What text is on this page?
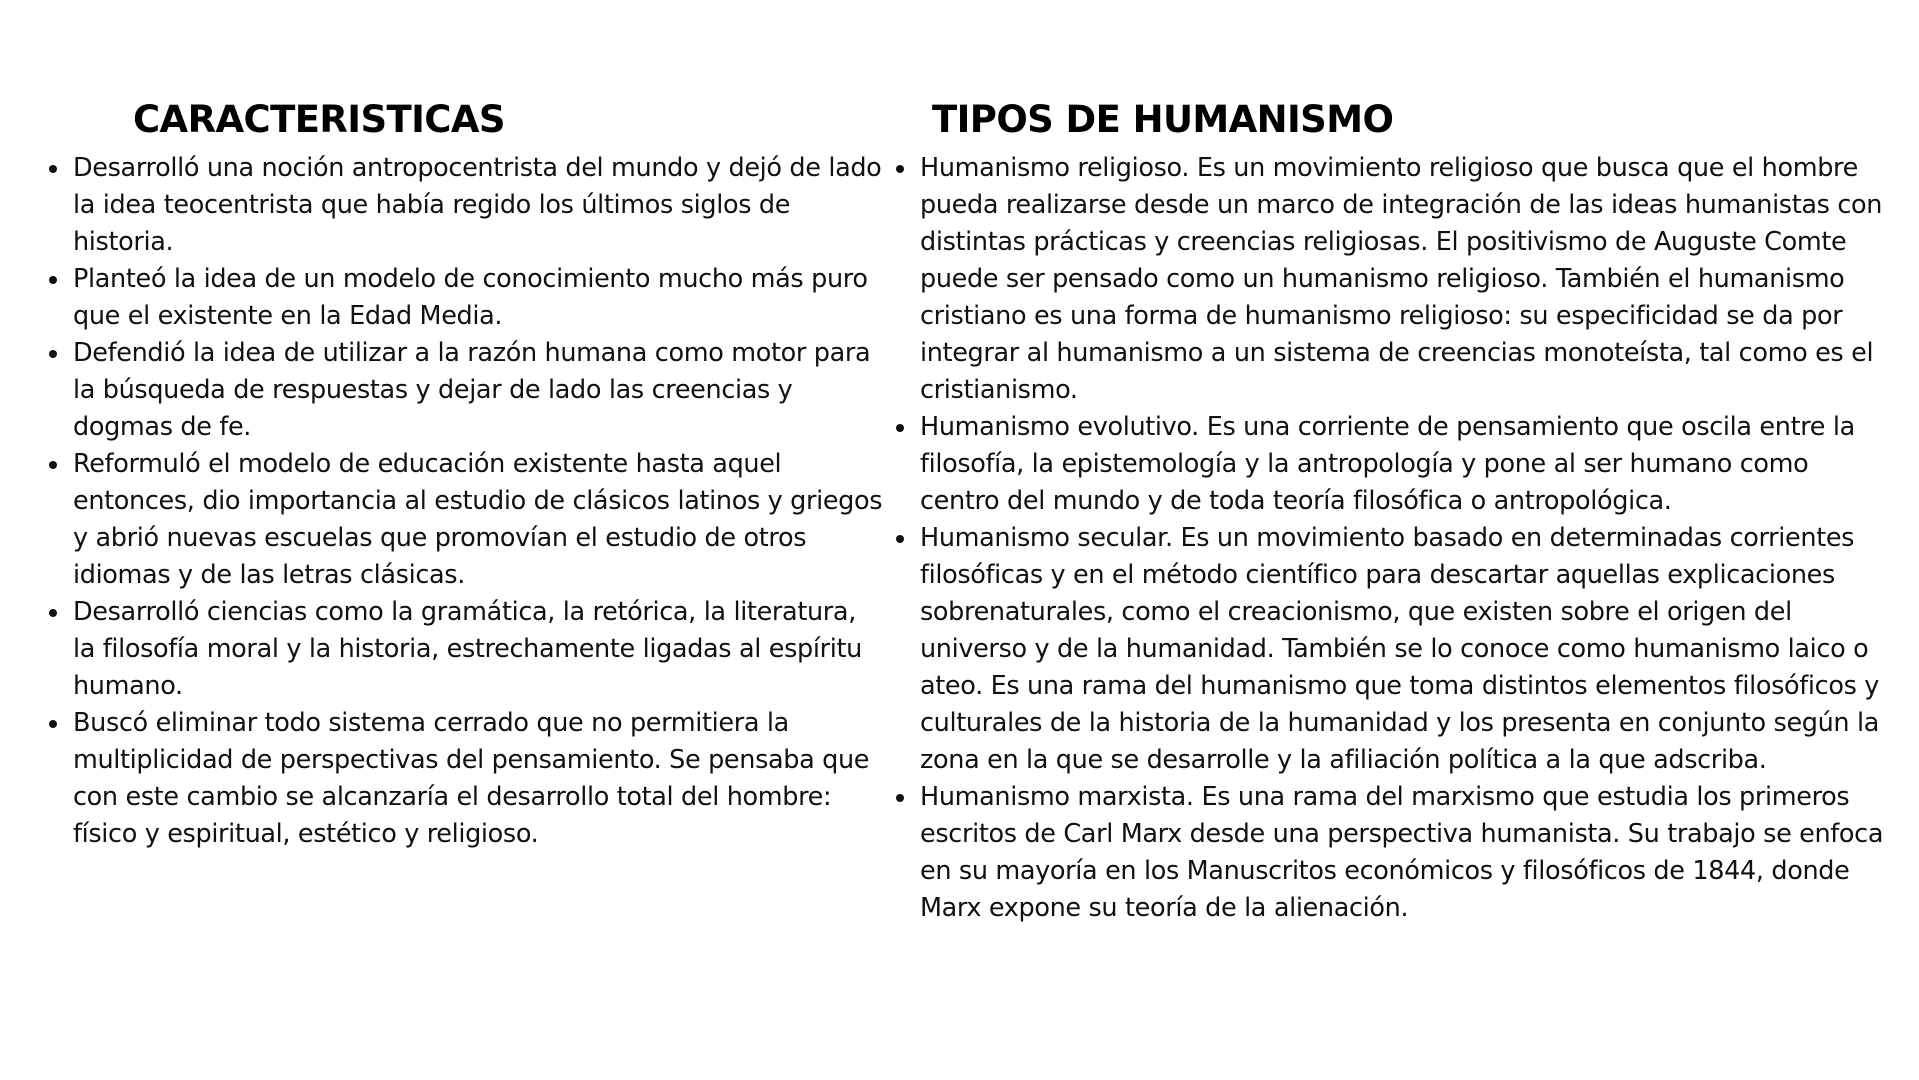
CARACTERISTICAS
Desarrolló una noción antropocentrista del mundo y dejó de lado la idea teocentrista que había regido los últimos siglos de historia.
Planteó la idea de un modelo de conocimiento mucho más puro que el existente en la Edad Media.
Defendió la idea de utilizar a la razón humana como motor para la búsqueda de respuestas y dejar de lado las creencias y dogmas de fe.
Reformuló el modelo de educación existente hasta aquel entonces, dio importancia al estudio de clásicos latinos y griegos y abrió nuevas escuelas que promovían el estudio de otros idiomas y de las letras clásicas.
Desarrolló ciencias como la gramática, la retórica, la literatura, la filosofía moral y la historia, estrechamente ligadas al espíritu humano.
Buscó eliminar todo sistema cerrado que no permitiera la multiplicidad de perspectivas del pensamiento. Se pensaba que con este cambio se alcanzaría el desarrollo total del hombre: físico y espiritual, estético y religioso.
TIPOS DE HUMANISMO
Humanismo religioso. Es un movimiento religioso que busca que el hombre pueda realizarse desde un marco de integración de las ideas humanistas con distintas prácticas y creencias religiosas. El positivismo de Auguste Comte puede ser pensado como un humanismo religioso. También el humanismo cristiano es una forma de humanismo religioso: su especificidad se da por integrar al humanismo a un sistema de creencias monoteísta, tal como es el cristianismo.
Humanismo evolutivo. Es una corriente de pensamiento que oscila entre la filosofía, la epistemología y la antropología y pone al ser humano como centro del mundo y de toda teoría filosófica o antropológica.
Humanismo secular. Es un movimiento basado en determinadas corrientes filosóficas y en el método científico para descartar aquellas explicaciones sobrenaturales, como el creacionismo, que existen sobre el origen del universo y de la humanidad. También se lo conoce como humanismo laico o ateo. Es una rama del humanismo que toma distintos elementos filosóficos y culturales de la historia de la humanidad y los presenta en conjunto según la zona en la que se desarrolle y la afiliación política a la que adscriba.
Humanismo marxista. Es una rama del marxismo que estudia los primeros escritos de Carl Marx desde una perspectiva humanista. Su trabajo se enfoca en su mayoría en los Manuscritos económicos y filosóficos de 1844, donde Marx expone su teoría de la alienación.
